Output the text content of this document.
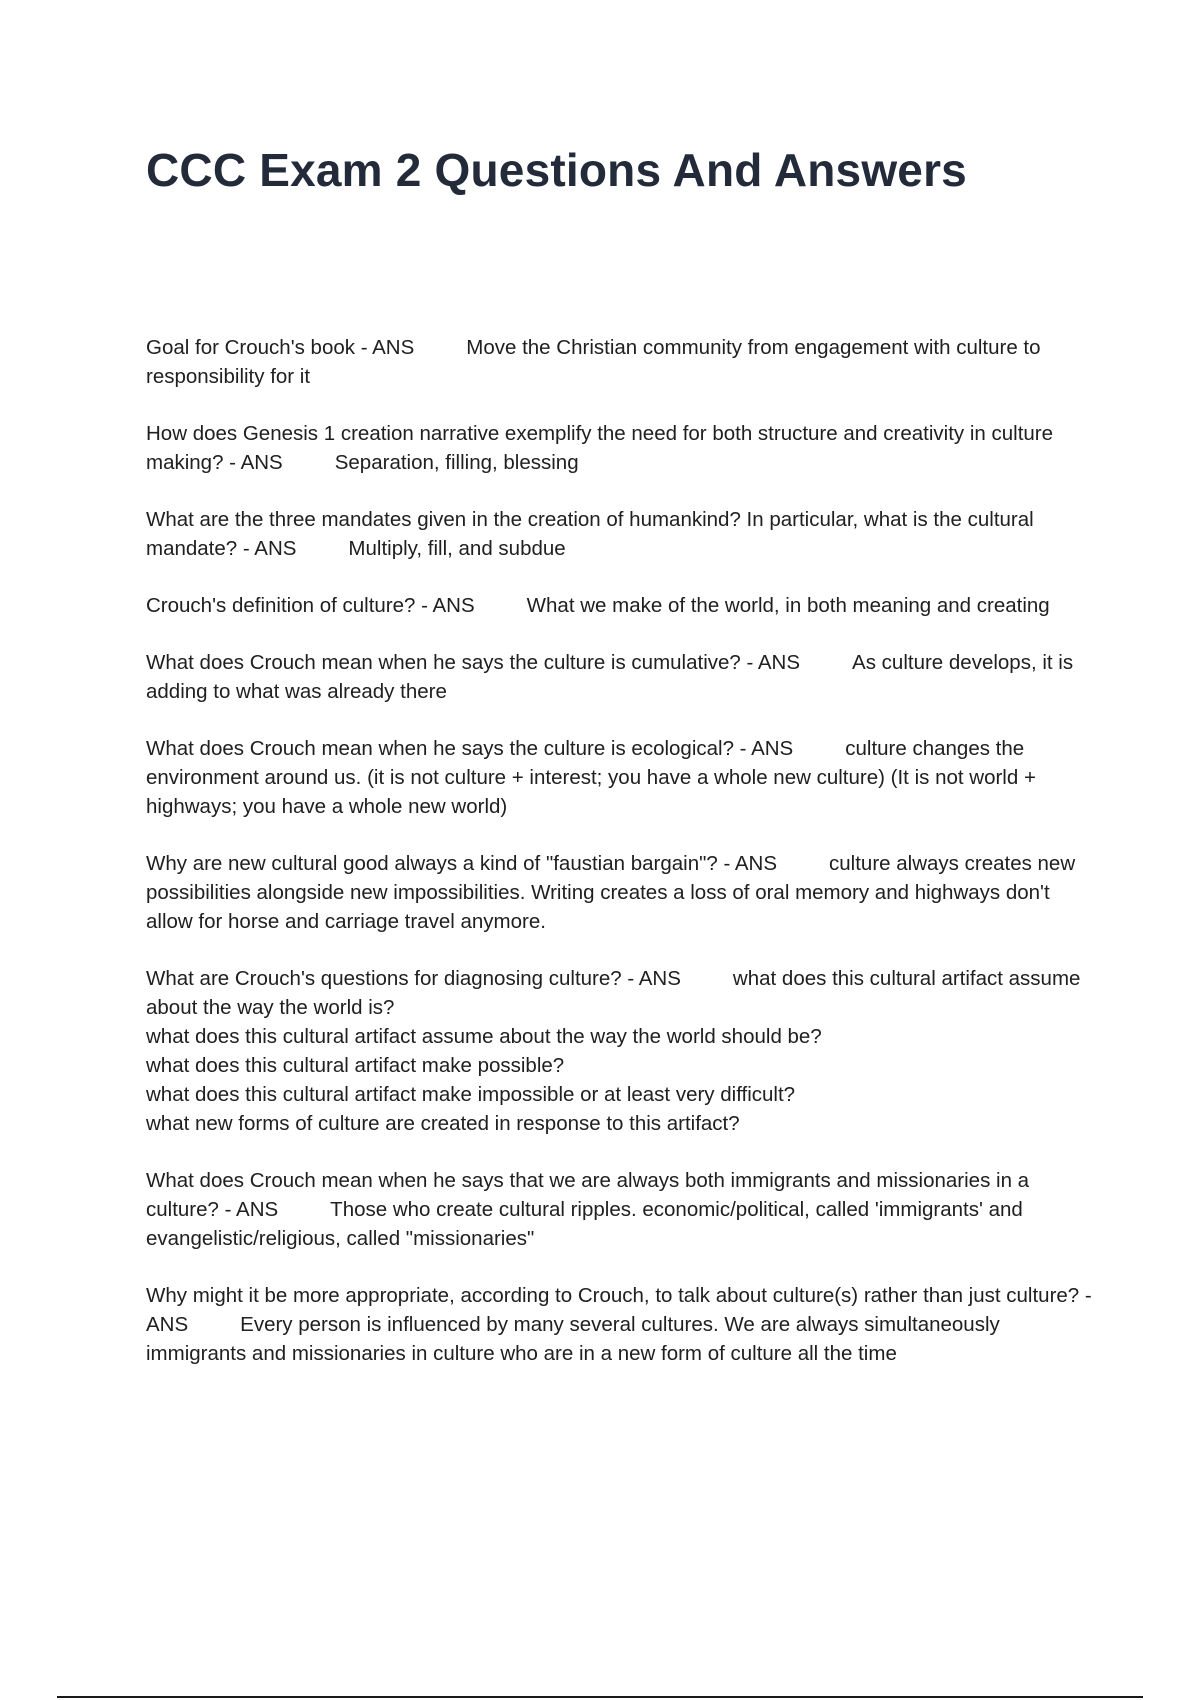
CCC Exam 2 Questions And Answers

Goal for Crouch's book - ANS	Move the Christian community from engagement with culture to responsibility for it

How does Genesis 1 creation narrative exemplify the need for both structure and creativity in culture making? - ANS	Separation, filling, blessing

What are the three mandates given in the creation of humankind? In particular, what is the cultural mandate? - ANS	Multiply, fill, and subdue

Crouch's definition of culture? - ANS	What we make of the world, in both meaning and creating

What does Crouch mean when he says the culture is cumulative? - ANS	As culture develops, it is adding to what was already there

What does Crouch mean when he says the culture is ecological? - ANS	culture changes the environment around us. (it is not culture + interest; you have a whole new culture) (It is not world + highways; you have a whole new world)

Why are new cultural good always a kind of "faustian bargain"? - ANS	culture always creates new possibilities alongside new impossibilities. Writing creates a loss of oral memory and highways don't allow for horse and carriage travel anymore.

What are Crouch's questions for diagnosing culture? - ANS	what does this cultural artifact assume about the way the world is?
what does this cultural artifact assume about the way the world should be?
what does this cultural artifact make possible?
what does this cultural artifact make impossible or at least very difficult?
what new forms of culture are created in response to this artifact?

What does Crouch mean when he says that we are always both immigrants and missionaries in a culture? - ANS	Those who create cultural ripples. economic/political, called 'immigrants' and evangelistic/religious, called "missionaries"

Why might it be more appropriate, according to Crouch, to talk about culture(s) rather than just culture? - ANS	Every person is influenced by many several cultures. We are always simultaneously immigrants and missionaries in culture who are in a new form of culture all the time
